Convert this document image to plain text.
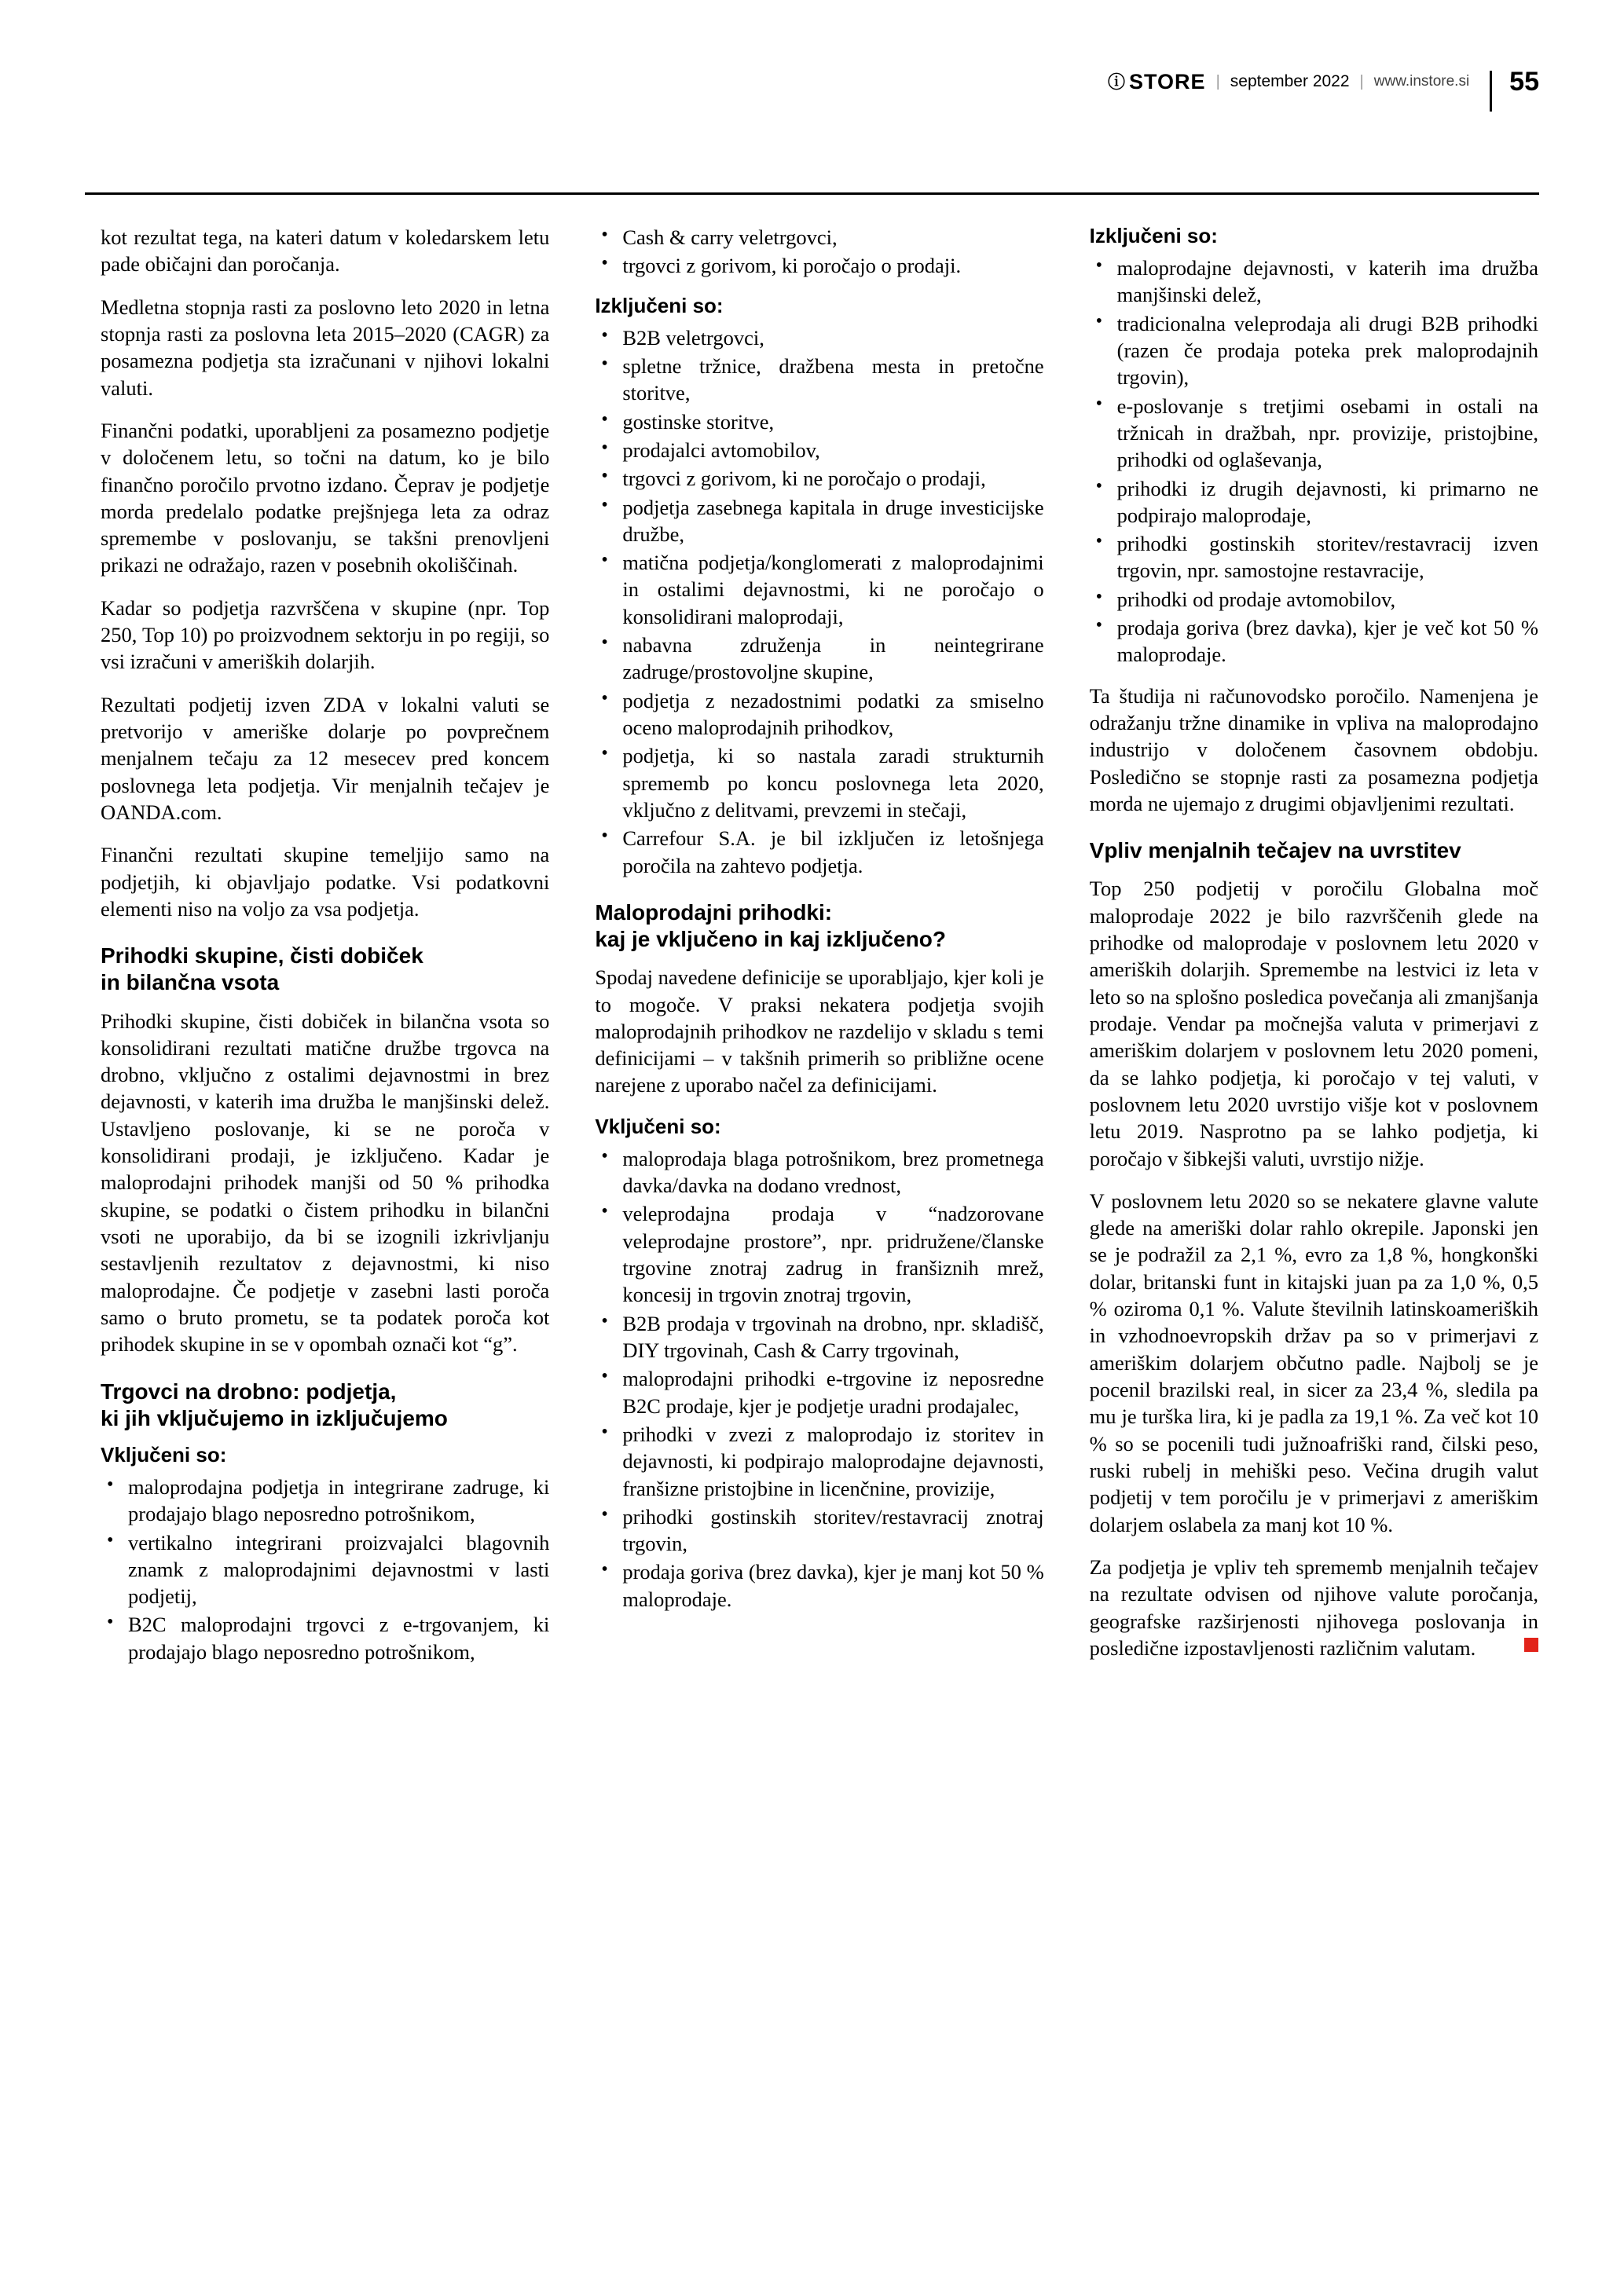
ⓘ STORE | september 2022 | www.instore.si 55

kot rezultat tega, na kateri datum v koledarskem letu pade običajni dan poročanja.

Medletna stopnja rasti za poslovno leto 2020 in letna stopnja rasti za poslovna leta 2015–2020 (CAGR) za posamezna podjetja sta izračunani v njihovi lokalni valuti.

Finančni podatki, uporabljeni za posamezno podjetje v določenem letu, so točni na datum, ko je bilo finančno poročilo prvotno izdano. Čeprav je podjetje morda predelalo podatke prejšnjega leta za odraz spremembe v poslovanju, se takšni prenovljeni prikazi ne odražajo, razen v posebnih okoliščinah.

Kadar so podjetja razvrščena v skupine (npr. Top 250, Top 10) po proizvodnem sektorju in po regiji, so vsi izračuni v ameriških dolarjih.

Rezultati podjetij izven ZDA v lokalni valuti se pretvorijo v ameriške dolarje po povprečnem menjalnem tečaju za 12 mesecev pred koncem poslovnega leta podjetja. Vir menjalnih tečajev je OANDA.com.

Finančni rezultati skupine temeljijo samo na podjetjih, ki objavljajo podatke. Vsi podatkovni elementi niso na voljo za vsa podjetja.

Prihodki skupine, čisti dobiček
in bilančna vsota

Prihodki skupine, čisti dobiček in bilančna vsota so konsolidirani rezultati matične družbe trgovca na drobno, vključno z ostalimi dejavnostmi in brez dejavnosti, v katerih ima družba le manjšinski delež. Ustavljeno poslovanje, ki se ne poroča v konsolidirani prodaji, je izključeno. Kadar je maloprodajni prihodek manjši od 50 % prihodka skupine, se podatki o čistem prihodku in bilančni vsoti ne uporabijo, da bi se izognili izkrivljanju sestavljenih rezultatov z dejavnostmi, ki niso maloprodajne. Če podjetje v zasebni lasti poroča samo o bruto prometu, se ta podatek poroča kot prihodek skupine in se v opombah označi kot “g”.

Trgovci na drobno: podjetja,
ki jih vključujemo in izključujemo
Vključeni so:
• maloprodajna podjetja in integrirane zadruge, ki prodajajo blago neposredno potrošnikom,
• vertikalno integrirani proizvajalci blagovnih znamk z maloprodajnimi dejavnostmi v lasti podjetij,
• B2C maloprodajni trgovci z e-trgovanjem, ki prodajajo blago neposredno potrošnikom,
• Cash & carry veletrgovci,
• trgovci z gorivom, ki poročajo o prodaji.
Izključeni so:
• B2B veletrgovci,
• spletne tržnice, dražbena mesta in pretočne storitve,
• gostinske storitve,
• prodajalci avtomobilov,
• trgovci z gorivom, ki ne poročajo o prodaji,
• podjetja zasebnega kapitala in druge investicijske družbe,
• matična podjetja/konglomerati z maloprodajnimi in ostalimi dejavnostmi, ki ne poročajo o konsolidirani maloprodaji,
• nabavna združenja in neintegrirane zadruge/prostovoljne skupine,
• podjetja z nezadostnimi podatki za smiselno oceno maloprodajnih prihodkov,
• podjetja, ki so nastala zaradi strukturnih sprememb po koncu poslovnega leta 2020, vključno z delitvami, prevzemi in stečaji,
• Carrefour S.A. je bil izključen iz letošnjega poročila na zahtevo podjetja.
Maloprodajni prihodki:
kaj je vključeno in kaj izključeno?

Spodaj navedene definicije se uporabljajo, kjer koli je to mogoče. V praksi nekatera podjetja svojih maloprodajnih prihodkov ne razdelijo v skladu s temi definicijami – v takšnih primerih so približne ocene narejene z uporabo načel za definicijami.

Vključeni so:
• maloprodaja blaga potrošnikom, brez prometnega davka/davka na dodano vrednost,
• veleprodajna prodaja v “nadzorovane veleprodajne prostore”, npr. pridružene/članske trgovine znotraj zadrug in franšiznih mrež, koncesij in trgovin znotraj trgovin,
• B2B prodaja v trgovinah na drobno, npr. skladišč, DIY trgovinah, Cash & Carry trgovinah,
• maloprodajni prihodki e-trgovine iz neposredne B2C prodaje, kjer je podjetje uradni prodajalec,
• prihodki v zvezi z maloprodajo iz storitev in dejavnosti, ki podpirajo maloprodajne dejavnosti, franšizne pristojbine in licenčnine, provizije,
• prihodki gostinskih storitev/restavracij znotraj trgovin,
• prodaja goriva (brez davka), kjer je manj kot 50 % maloprodaje.
Izključeni so:
• maloprodajne dejavnosti, v katerih ima družba manjšinski delež,
• tradicionalna veleprodaja ali drugi B2B prihodki (razen če prodaja poteka prek maloprodajnih trgovin),
• e-poslovanje s tretjimi osebami in ostali na tržnicah in dražbah, npr. provizije, pristojbine, prihodki od oglaševanja,
• prihodki iz drugih dejavnosti, ki primarno ne podpirajo maloprodaje,
• prihodki gostinskih storitev/restavracij izven trgovin, npr. samostojne restavracije,
• prihodki od prodaje avtomobilov,
• prodaja goriva (brez davka), kjer je več kot 50 % maloprodaje.

Ta študija ni računovodsko poročilo. Namenjena je odražanju tržne dinamike in vpliva na maloprodajno industrijo v določenem časovnem obdobju. Posledično se stopnje rasti za posamezna podjetja morda ne ujemajo z drugimi objavljenimi rezultati.

Vpliv menjalnih tečajev na uvrstitev

Top 250 podjetij v poročilu Globalna moč maloprodaje 2022 je bilo razvrščenih glede na prihodke od maloprodaje v poslovnem letu 2020 v ameriških dolarjih. Spremembe na lestvici iz leta v leto so na splošno posledica povečanja ali zmanjšanja prodaje. Vendar pa močnejša valuta v primerjavi z ameriškim dolarjem v poslovnem letu 2020 pomeni, da se lahko podjetja, ki poročajo v tej valuti, v poslovnem letu 2020 uvrstijo višje kot v poslovnem letu 2019. Nasprotno pa se lahko podjetja, ki poročajo v šibkejši valuti, uvrstijo nižje.

V poslovnem letu 2020 so se nekatere glavne valute glede na ameriški dolar rahlo okrepile. Japonski jen se je podražil za 2,1 %, evro za 1,8 %, hongkonški dolar, britanski funt in kitajski juan pa za 1,0 %, 0,5 % oziroma 0,1 %. Valute številnih latinskoameriških in vzhodnoevropskih držav pa so v primerjavi z ameriškim dolarjem občutno padle. Najbolj se je pocenil brazilski real, in sicer za 23,4 %, sledila pa mu je turška lira, ki je padla za 19,1 %. Za več kot 10 % so se pocenili tudi južnoafriški rand, čilski peso, ruski rubelj in mehiški peso. Večina drugih valut podjetij v tem poročilu je v primerjavi z ameriškim dolarjem oslabela za manj kot 10 %.

Za podjetja je vpliv teh sprememb menjalnih tečajev na rezultate odvisen od njihove valute poročanja, geografske razširjenosti njihovega poslovanja in posledične izpostavljenosti različnim valutam.
